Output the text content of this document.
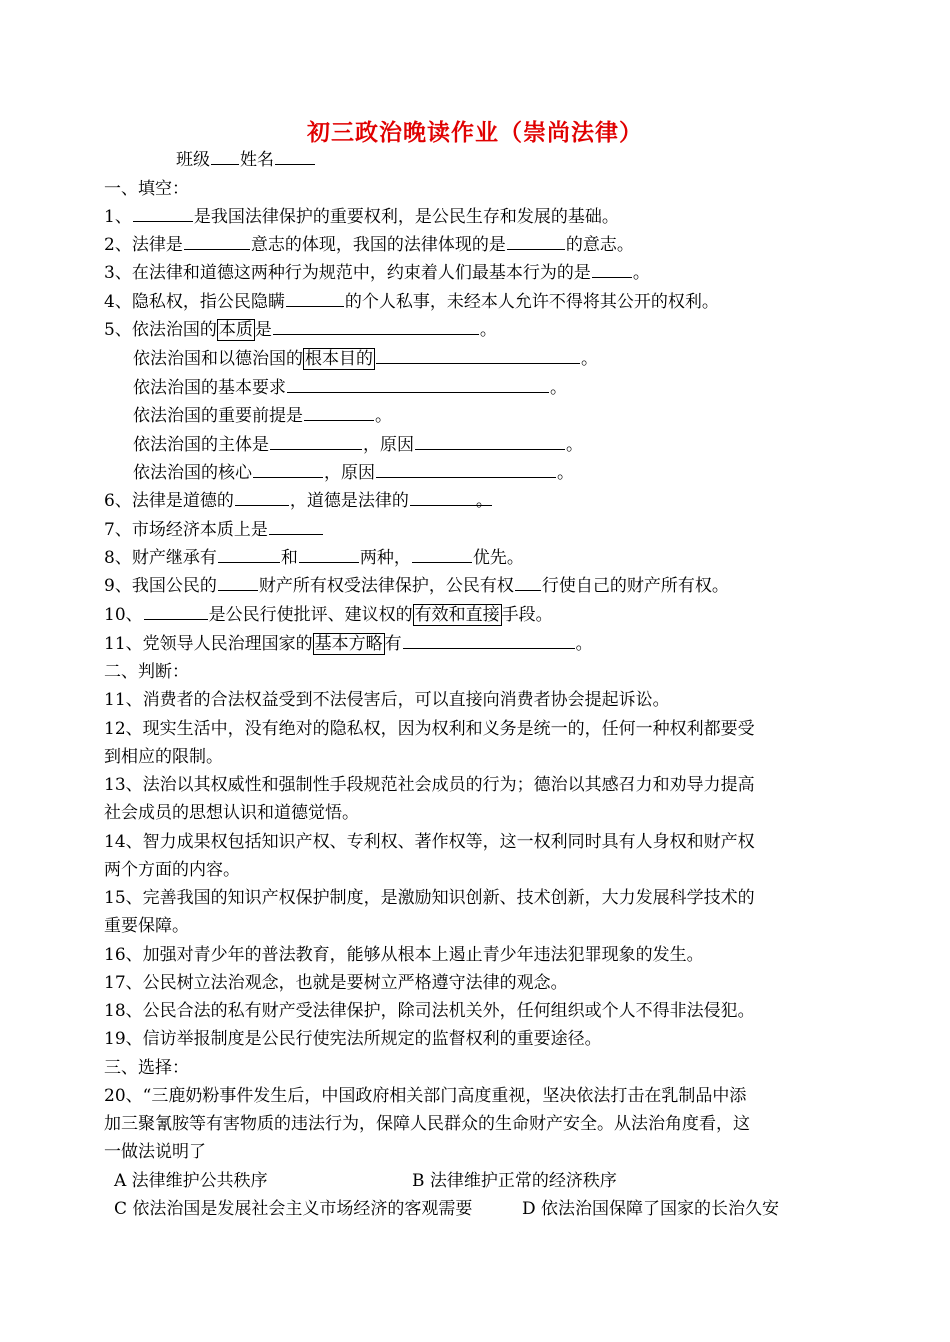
初三政治晚读作业（崇尚法律）
班级 姓名
一、填空：
1、	是我国法律保护的重要权利，是公民生存和发展的基础。
2、法律是	意志的体现，我国的法律体现的是	的意志。
3、在法律和道德这两种行为规范中，约束着人们最基本行为的是 。
4、隐私权，指公民隐瞒	的个人私事，未经本人允许不得将其公开的权利。
5、依法治国的 本质 是	。
依法治国和以德治国的 根本目的	。
依法治国的基本要求	。
依法治国的重要前提是	。
依法治国的主体是	，原因	。
依法治国的核心	，原因	。
6、法律是道德的	，道德是法律的	。
7、市场经济本质上是
8、财产继承有	和	两种，	优先。
9、我国公民的 财产所有权受法律保护，公民有权 行使自己的财产所有权。
10、	是公民行使批评、建议权的 有效和直接 手段。
11、党领导人民治理国家的 基本方略 有	。
二、判断：
11、消费者的合法权益受到不法侵害后，可以直接向消费者协会提起诉讼。
12、现实生活中，没有绝对的隐私权，因为权利和义务是统一的，任何一种权利都要受
到相应的限制。
13、法治以其权威性和强制性手段规范社会成员的行为；德治以其感召力和劝导力提高
社会成员的思想认识和道德觉悟。
14、智力成果权包括知识产权、专利权、著作权等，这一权利同时具有人身权和财产权
两个方面的内容。
15、完善我国的知识产权保护制度，是激励知识创新、技术创新，大力发展科学技术的
重要保障。
16、加强对青少年的普法教育，能够从根本上遏止青少年违法犯罪现象的发生。
17、公民树立法治观念，也就是要树立严格遵守法律的观念。
18、公民合法的私有财产受法律保护，除司法机关外，任何组织或个人不得非法侵犯。
19、信访举报制度是公民行使宪法所规定的监督权利的重要途径。
三、选择：
20、“三鹿奶粉事件发生后，中国政府相关部门高度重视，坚决依法打击在乳制品中添
加三聚氰胺等有害物质的违法行为，保障人民群众的生命财产安全。从法治角度看，这
一做法说明了
A 法律维护公共秩序	B 法律维护正常的经济秩序
C 依法治国是发展社会主义市场经济的客观需要	D 依法治国保障了国家的长治久安
